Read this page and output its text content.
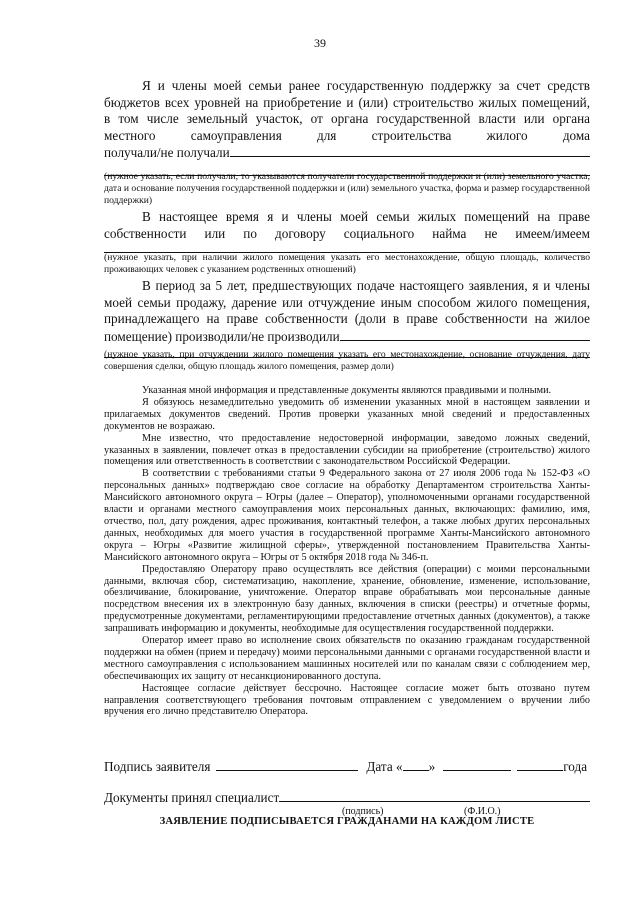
39

Я и члены моей семьи ранее государственную поддержку за счет средств

бюджетов всех уровней на приобретение и (или) строительство жилых помещений,

в том числе земельный участок, от органа государственной власти или органа

местного самоуправления для строительства жилого дома

получали/не получали

(нужное указать, если получали, то указываются получатели государственной поддержки и (или) земельного участка, дата и основание получения государственной поддержки и (или) земельного участка, форма и размер государственной поддержки)

В настоящее время я и члены моей семьи жилых помещений на праве

собственности или по договору социального найма не имеем/имеем

(нужное указать, при наличии жилого помещения указать его местонахождение, общую площадь, количество проживающих человек с указанием родственных отношений)

В период за 5 лет, предшествующих подаче настоящего заявления, я и члены

моей семьи продажу, дарение или отчуждение иным способом жилого помещения,

принадлежащего на праве собственности (доли в праве собственности на жилое

помещение) производили/не производили

(нужное указать, при отчуждении жилого помещения указать его местонахождение, основание отчуждения, дату совершения сделки, общую площадь жилого помещения, размер доли)

Указанная мной информация и представленные документы являются правдивыми и полными.

Я обязуюсь незамедлительно уведомить об изменении указанных мной в настоящем заявлении и прилагаемых документов сведений. Против проверки указанных мной сведений и предоставленных документов не возражаю.

Мне известно, что предоставление недостоверной информации, заведомо ложных сведений, указанных в заявлении, повлечет отказ в предоставлении субсидии на приобретение (строительство) жилого помещения или ответственность в соответствии с законодательством Российской Федерации.

В соответствии с требованиями статьи 9 Федерального закона от 27 июля 2006 года № 152-ФЗ «О персональных данных» подтверждаю свое согласие на обработку Департаментом строительства Ханты-Мансийского автономного округа – Югры (далее – Оператор), уполномоченными органами государственной власти и органами местного самоуправления моих персональных данных, включающих: фамилию, имя, отчество, пол, дату рождения, адрес проживания, контактный телефон, а также любых других персональных данных, необходимых для моего участия в государственной программе Ханты-Мансийского автономного округа – Югры «Развитие жилищной сферы», утвержденной постановлением Правительства Ханты-Мансийского автономного округа – Югры от 5 октября 2018 года № 346-п.

Предоставляю Оператору право осуществлять все действия (операции) с моими персональными данными, включая сбор, систематизацию, накопление, хранение, обновление, изменение, использование, обезличивание, блокирование, уничтожение. Оператор вправе обрабатывать мои персональные данные посредством внесения их в электронную базу данных, включения в списки (реестры) и отчетные формы, предусмотренные документами, регламентирующими предоставление отчетных данных (документов), а также запрашивать информацию и документы, необходимые для осуществления государственной поддержки.

Оператор имеет право во исполнение своих обязательств по оказанию гражданам государственной поддержки на обмен (прием и передачу) моими персональными данными с органами государственной власти и местного самоуправления с использованием машинных носителей или по каналам связи с соблюдением мер, обеспечивающих их защиту от несанкционированного доступа.

Настоящее согласие действует бессрочно. Настоящее согласие может быть отозвано путем направления соответствующего требования почтовым отправлением с уведомлением о вручении либо вручения его лично представителю Оператора.

Подпись заявителя	Дата « »	года
Документы принял специалист
(подпись)	(Ф.И.О.)
ЗАЯВЛЕНИЕ ПОДПИСЫВАЕТСЯ ГРАЖДАНАМИ НА КАЖДОМ ЛИСТЕ
